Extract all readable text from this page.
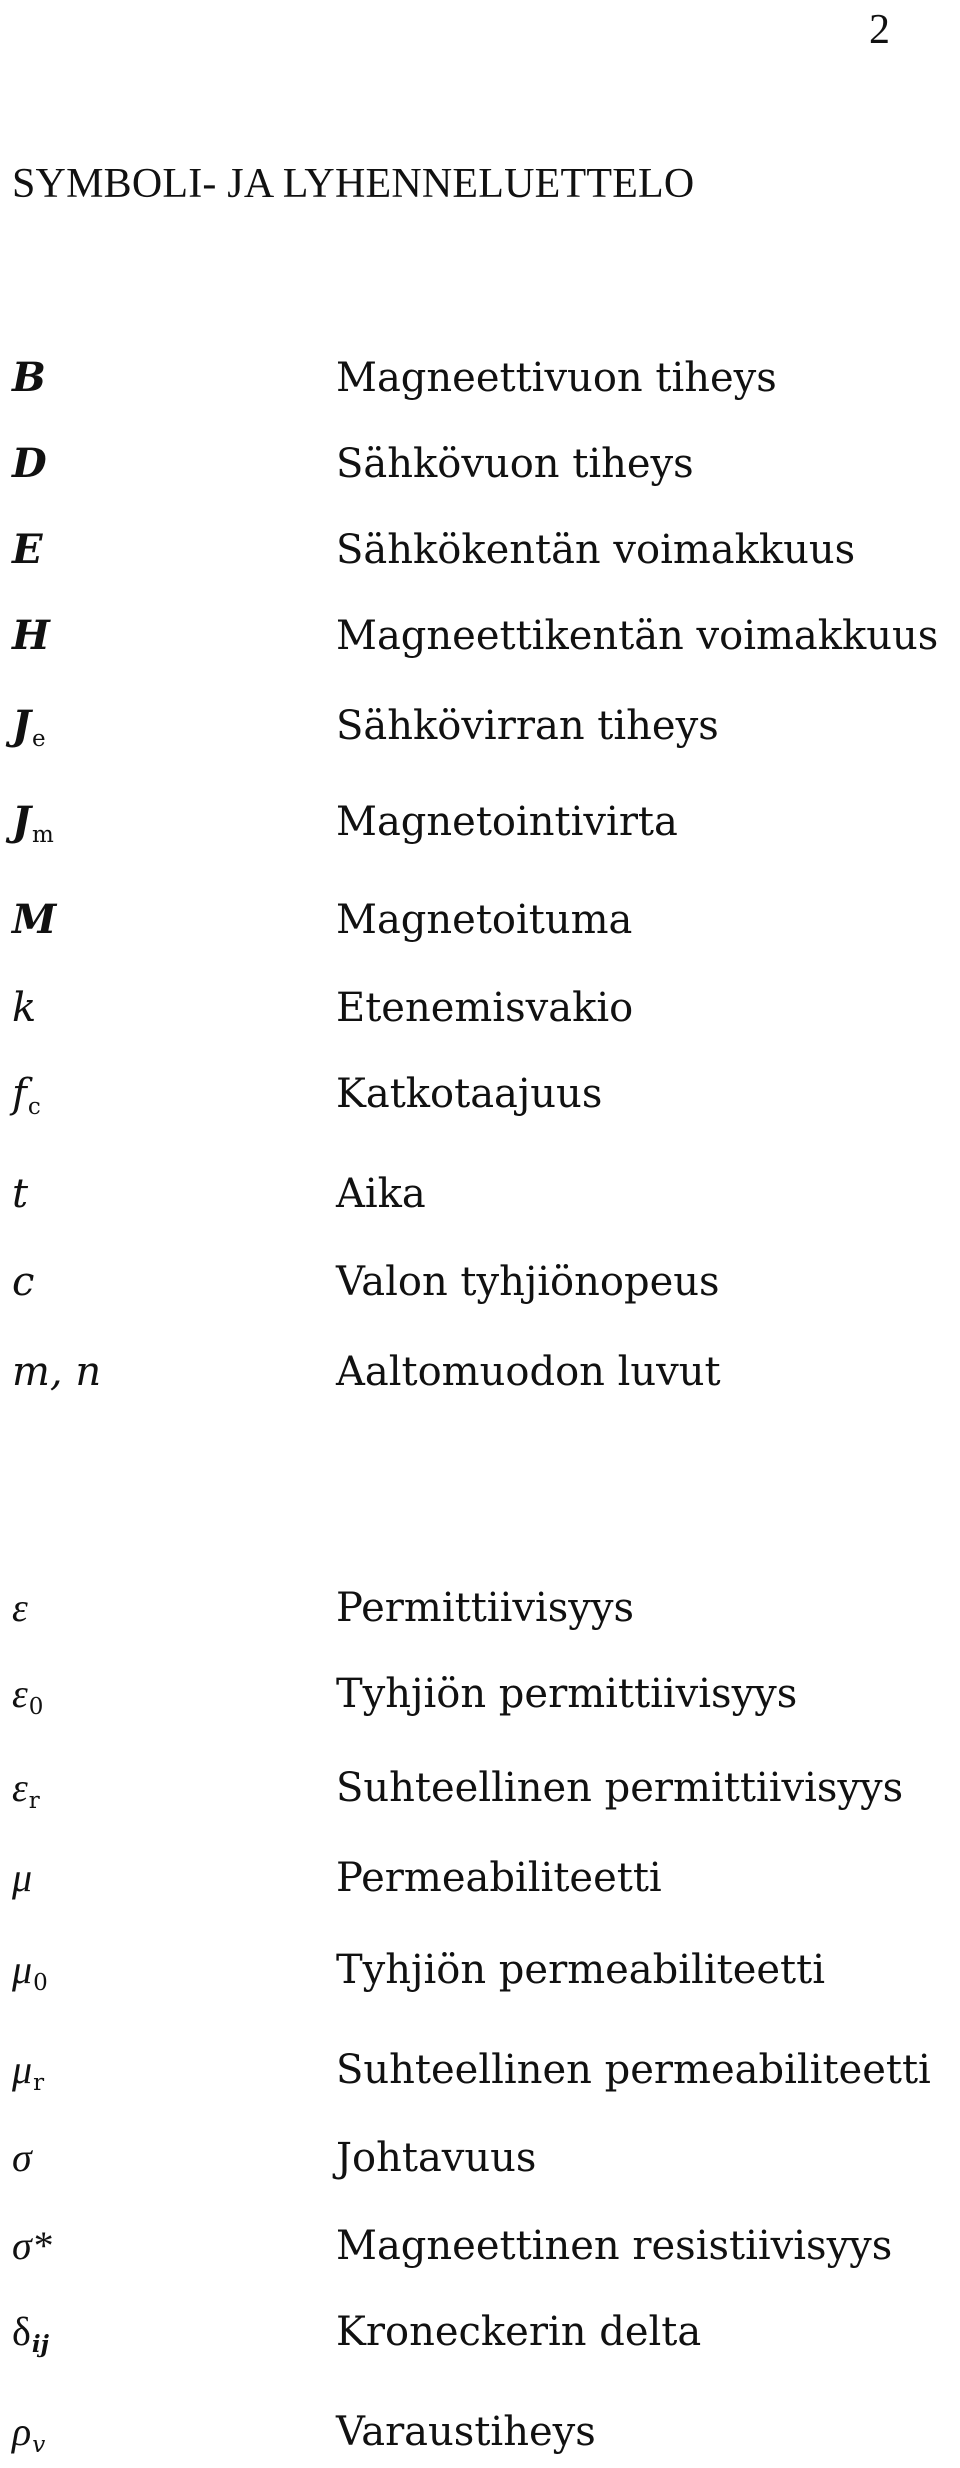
2
SYMBOLI- JA LYHENNELUETTELO
B	Magneettivuon tiheys
D	Sähkövuon tiheys
E	Sähkökentän voimakkuus
H	Magneettikentän voimakkuus
Je	Sähkövirran tiheys
Jm	Magnetointivirta
M	Magnetoituma
k	Etenemisvakio
fc	Katkotaajuus
t	Aika
c	Valon tyhjiönopeus
m, n	Aaltomuodon luvut
ε	Permittiivisyys
ε0	Tyhjiön permittiivisyys
εr	Suhteellinen permittiivisyys
μ	Permeabiliteetti
μ0	Tyhjiön permeabiliteetti
μr	Suhteellinen permeabiliteetti
σ	Johtavuus
σ*	Magneettinen resistiivisyys
δij	Kroneckerin delta
ρv	Varaustiheys
